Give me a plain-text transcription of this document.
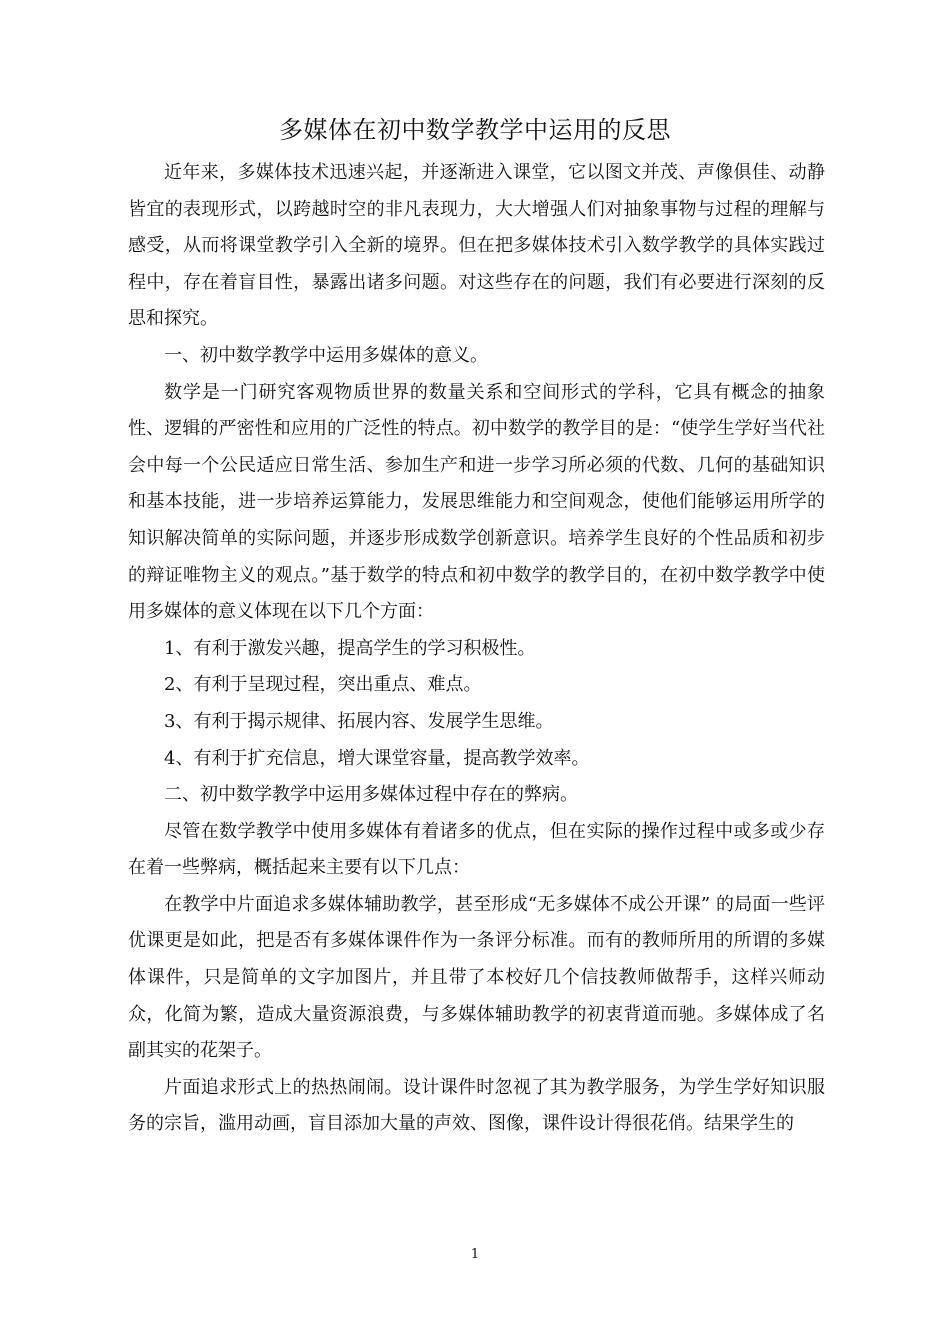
多媒体在初中数学教学中运用的反思

近年来，多媒体技术迅速兴起，并逐渐进入课堂，它以图文并茂、声像俱佳、动静皆宜的表现形式，以跨越时空的非凡表现力，大大增强人们对抽象事物与过程的理解与感受，从而将课堂教学引入全新的境界。但在把多媒体技术引入数学教学的具体实践过程中，存在着盲目性，暴露出诸多问题。对这些存在的问题，我们有必要进行深刻的反思和探究。

一、初中数学教学中运用多媒体的意义。

数学是一门研究客观物质世界的数量关系和空间形式的学科，它具有概念的抽象性、逻辑的严密性和应用的广泛性的特点。初中数学的教学目的是：“使学生学好当代社会中每一个公民适应日常生活、参加生产和进一步学习所必须的代数、几何的基础知识和基本技能，进一步培养运算能力，发展思维能力和空间观念，使他们能够运用所学的知识解决简单的实际问题，并逐步形成数学创新意识。培养学生良好的个性品质和初步的辩证唯物主义的观点。”基于数学的特点和初中数学的教学目的，在初中数学教学中使用多媒体的意义体现在以下几个方面：

1、有利于激发兴趣，提高学生的学习积极性。

2、有利于呈现过程，突出重点、难点。

3、有利于揭示规律、拓展内容、发展学生思维。

4、有利于扩充信息，增大课堂容量，提高教学效率。

二、初中数学教学中运用多媒体过程中存在的弊病。

尽管在数学教学中使用多媒体有着诸多的优点，但在实际的操作过程中或多或少存在着一些弊病，概括起来主要有以下几点：

在教学中片面追求多媒体辅助教学，甚至形成“无多媒体不成公开课” 的局面一些评优课更是如此，把是否有多媒体课件作为一条评分标准。而有的教师所用的所谓的多媒体课件，只是简单的文字加图片，并且带了本校好几个信技教师做帮手，这样兴师动众，化简为繁，造成大量资源浪费，与多媒体辅助教学的初衷背道而驰。多媒体成了名副其实的花架子。

片面追求形式上的热热闹闹。设计课件时忽视了其为教学服务，为学生学好知识服务的宗旨，滥用动画，盲目添加大量的声效、图像，课件设计得很花俏。结果学生的

1
